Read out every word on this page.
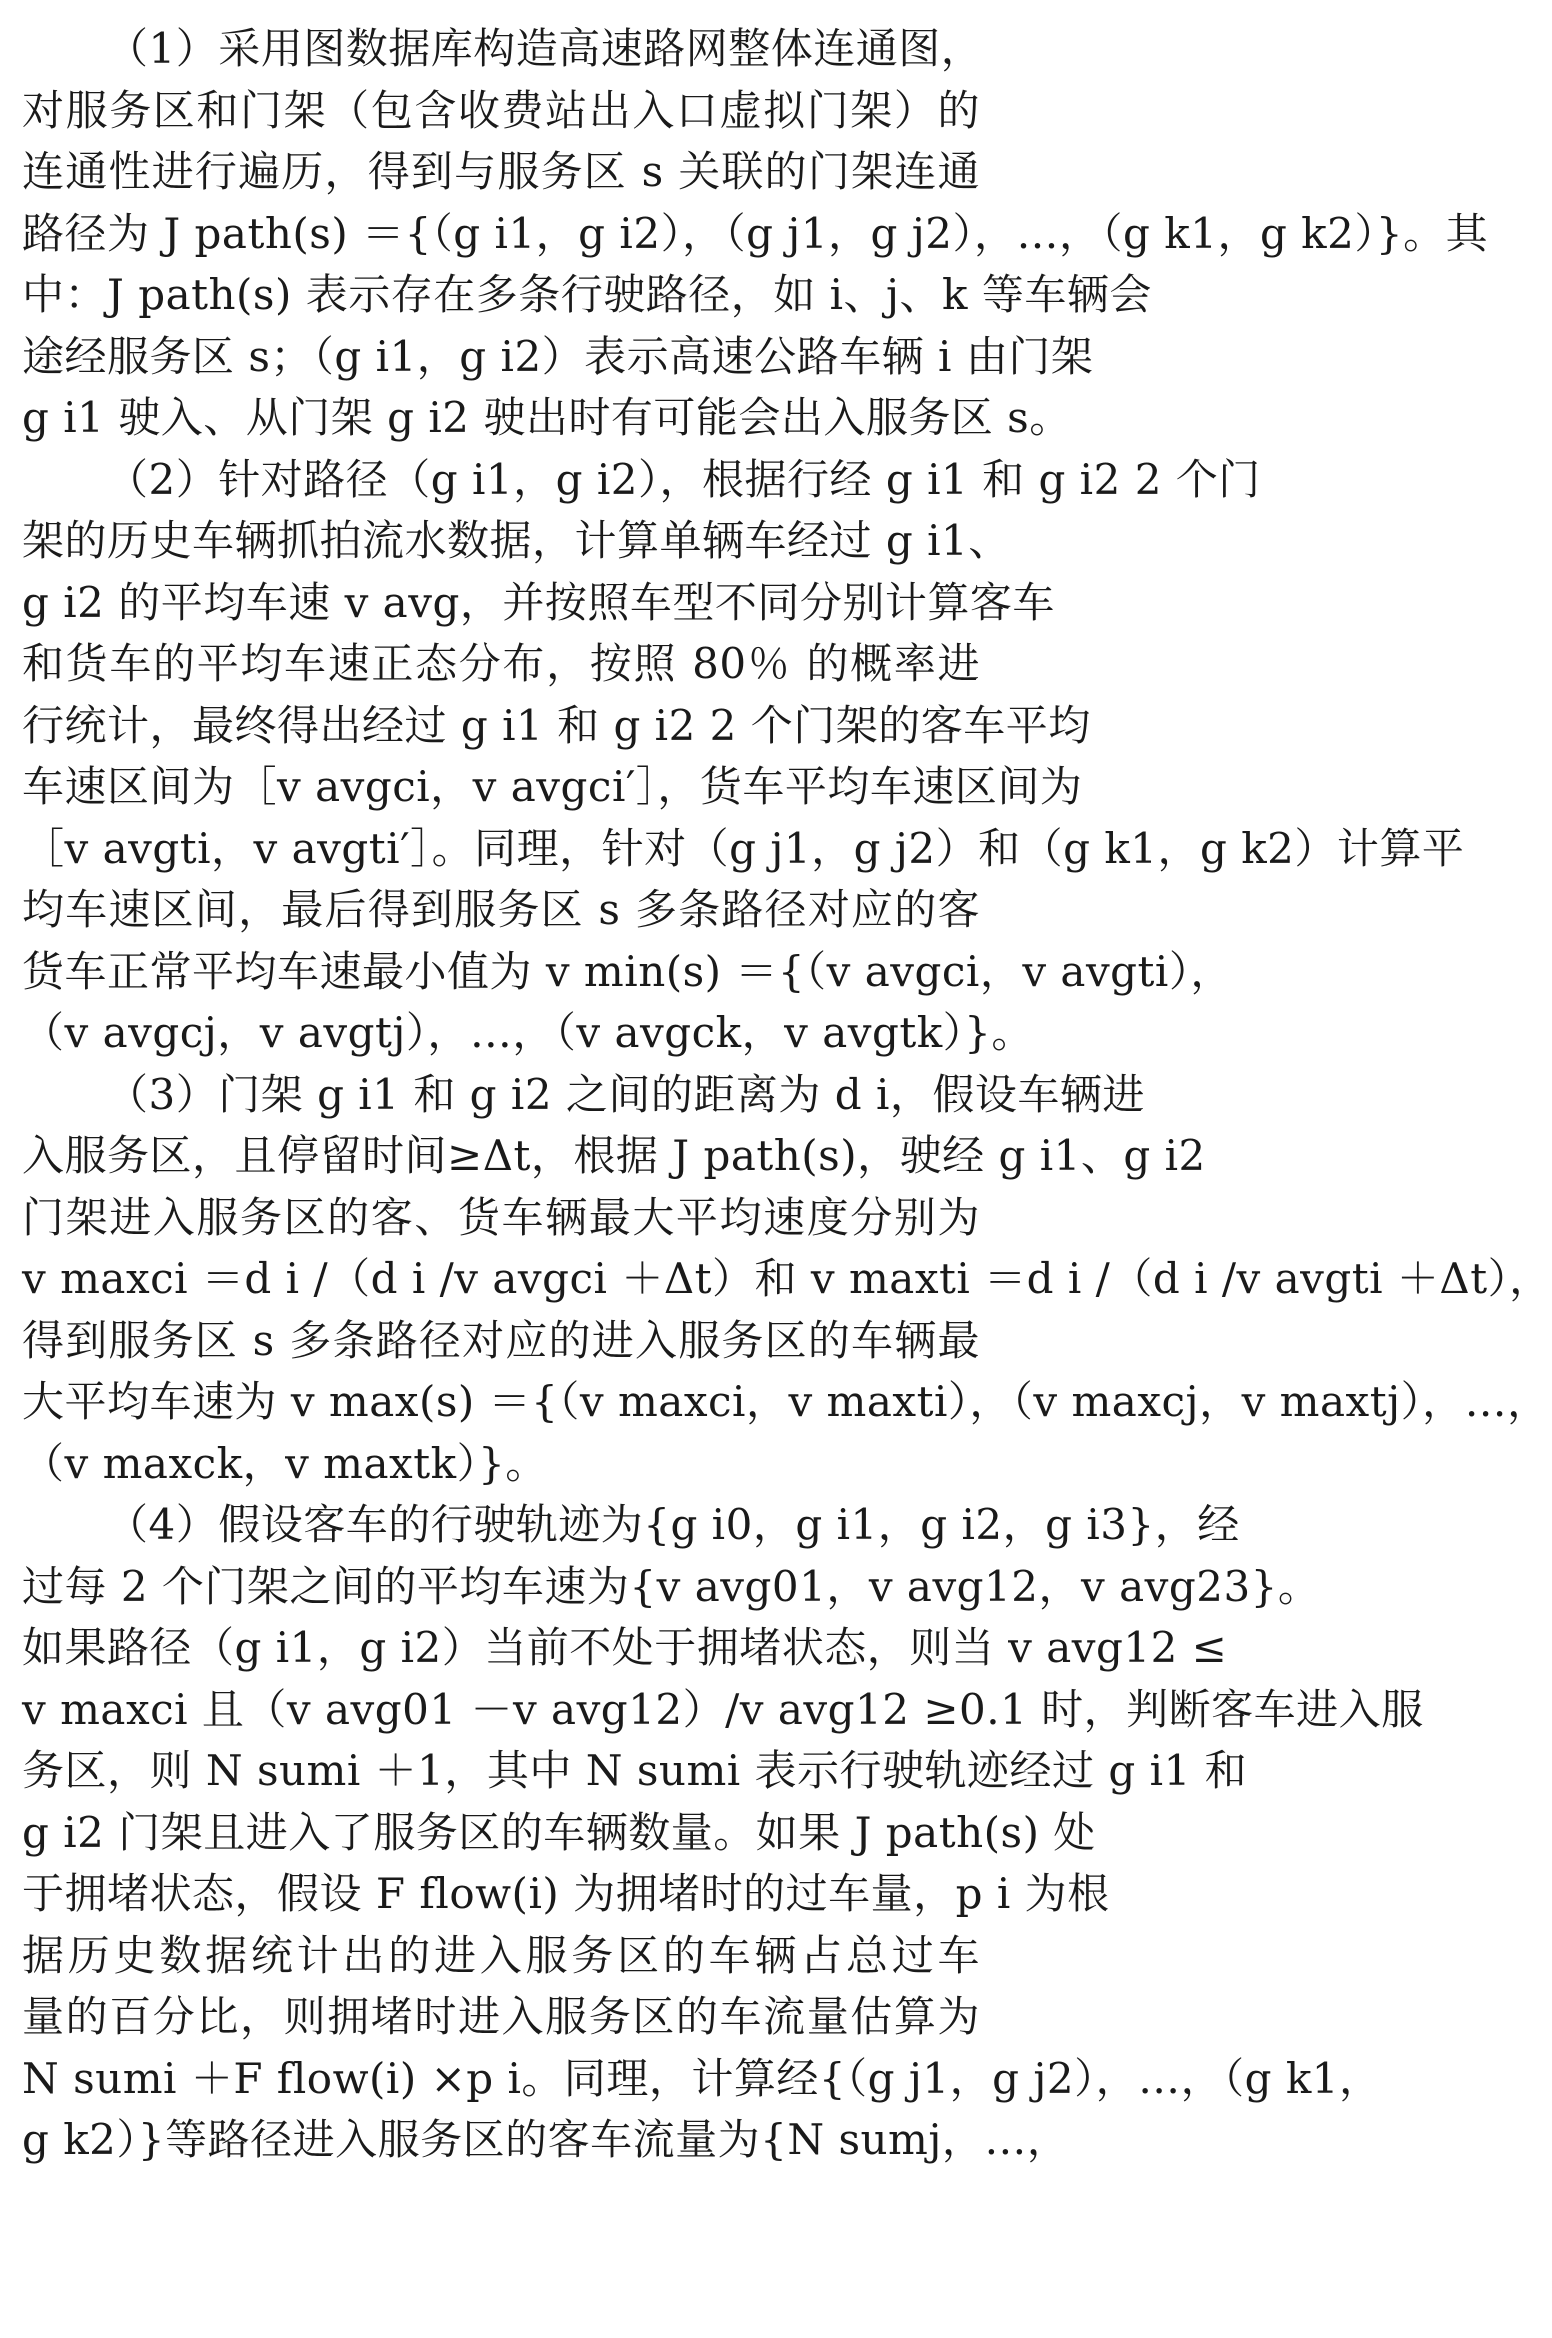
（1）采用图数据库构造高速路网整体连通图，
对服务区和门架（包含收费站出入口虚拟门架）的
连通性进行遍历，得到与服务区 s 关联的门架连通
路径为 J path(s) ＝{（g i1，g i2），（g j1，g j2），…，（g k1，g k2）}。其
中：J path(s) 表示存在多条行驶路径，如 i、j、k 等车辆会
途经服务区 s；（g i1，g i2）表示高速公路车辆 i 由门架
g i1 驶入、从门架 g i2 驶出时有可能会出入服务区 s。
（2）针对路径（g i1，g i2），根据行经 g i1 和 g i2 2 个门
架的历史车辆抓拍流水数据，计算单辆车经过 g i1、
g i2 的平均车速 v avg，并按照车型不同分别计算客车
和货车的平均车速正态分布，按照 80％ 的概率进
行统计，最终得出经过 g i1 和 g i2 2 个门架的客车平均
车速区间为［v avgci，v avgci′］，货车平均车速区间为
［v avgti，v avgti′］。同理，针对（g j1，g j2）和（g k1，g k2）计算平
均车速区间，最后得到服务区 s 多条路径对应的客
货车正常平均车速最小值为 v min(s) ＝{（v avgci，v avgti），
（v avgcj，v avgtj），…，（v avgck，v avgtk）}。
（3）门架 g i1 和 g i2 之间的距离为 d i，假设车辆进
入服务区，且停留时间≥Δt，根据 J path(s)，驶经 g i1、g i2
门架进入服务区的客、货车辆最大平均速度分别为
v maxci ＝d i /（d i /v avgci ＋Δt）和 v maxti ＝d i /（d i /v avgti ＋Δt），
得到服务区 s 多条路径对应的进入服务区的车辆最
大平均车速为 v max(s) ＝{（v maxci，v maxti），（v maxcj，v maxtj），…，
（v maxck，v maxtk）}。
（4）假设客车的行驶轨迹为{g i0，g i1，g i2，g i3}，经
过每 2 个门架之间的平均车速为{v avg01，v avg12，v avg23}。
如果路径（g i1，g i2）当前不处于拥堵状态，则当 v avg12 ≤
v maxci 且（v avg01 －v avg12）/v avg12 ≥0.1 时，判断客车进入服
务区，则 N sumi ＋1，其中 N sumi 表示行驶轨迹经过 g i1 和
g i2 门架且进入了服务区的车辆数量。如果 J path(s) 处
于拥堵状态，假设 F flow(i) 为拥堵时的过车量，p i 为根
据历史数据统计出的进入服务区的车辆占总过车
量的百分比，则拥堵时进入服务区的车流量估算为
N sumi ＋F flow(i) ×p i。同理，计算经{（g j1，g j2），…，（g k1，
g k2）}等路径进入服务区的客车流量为{N sumj，…，
